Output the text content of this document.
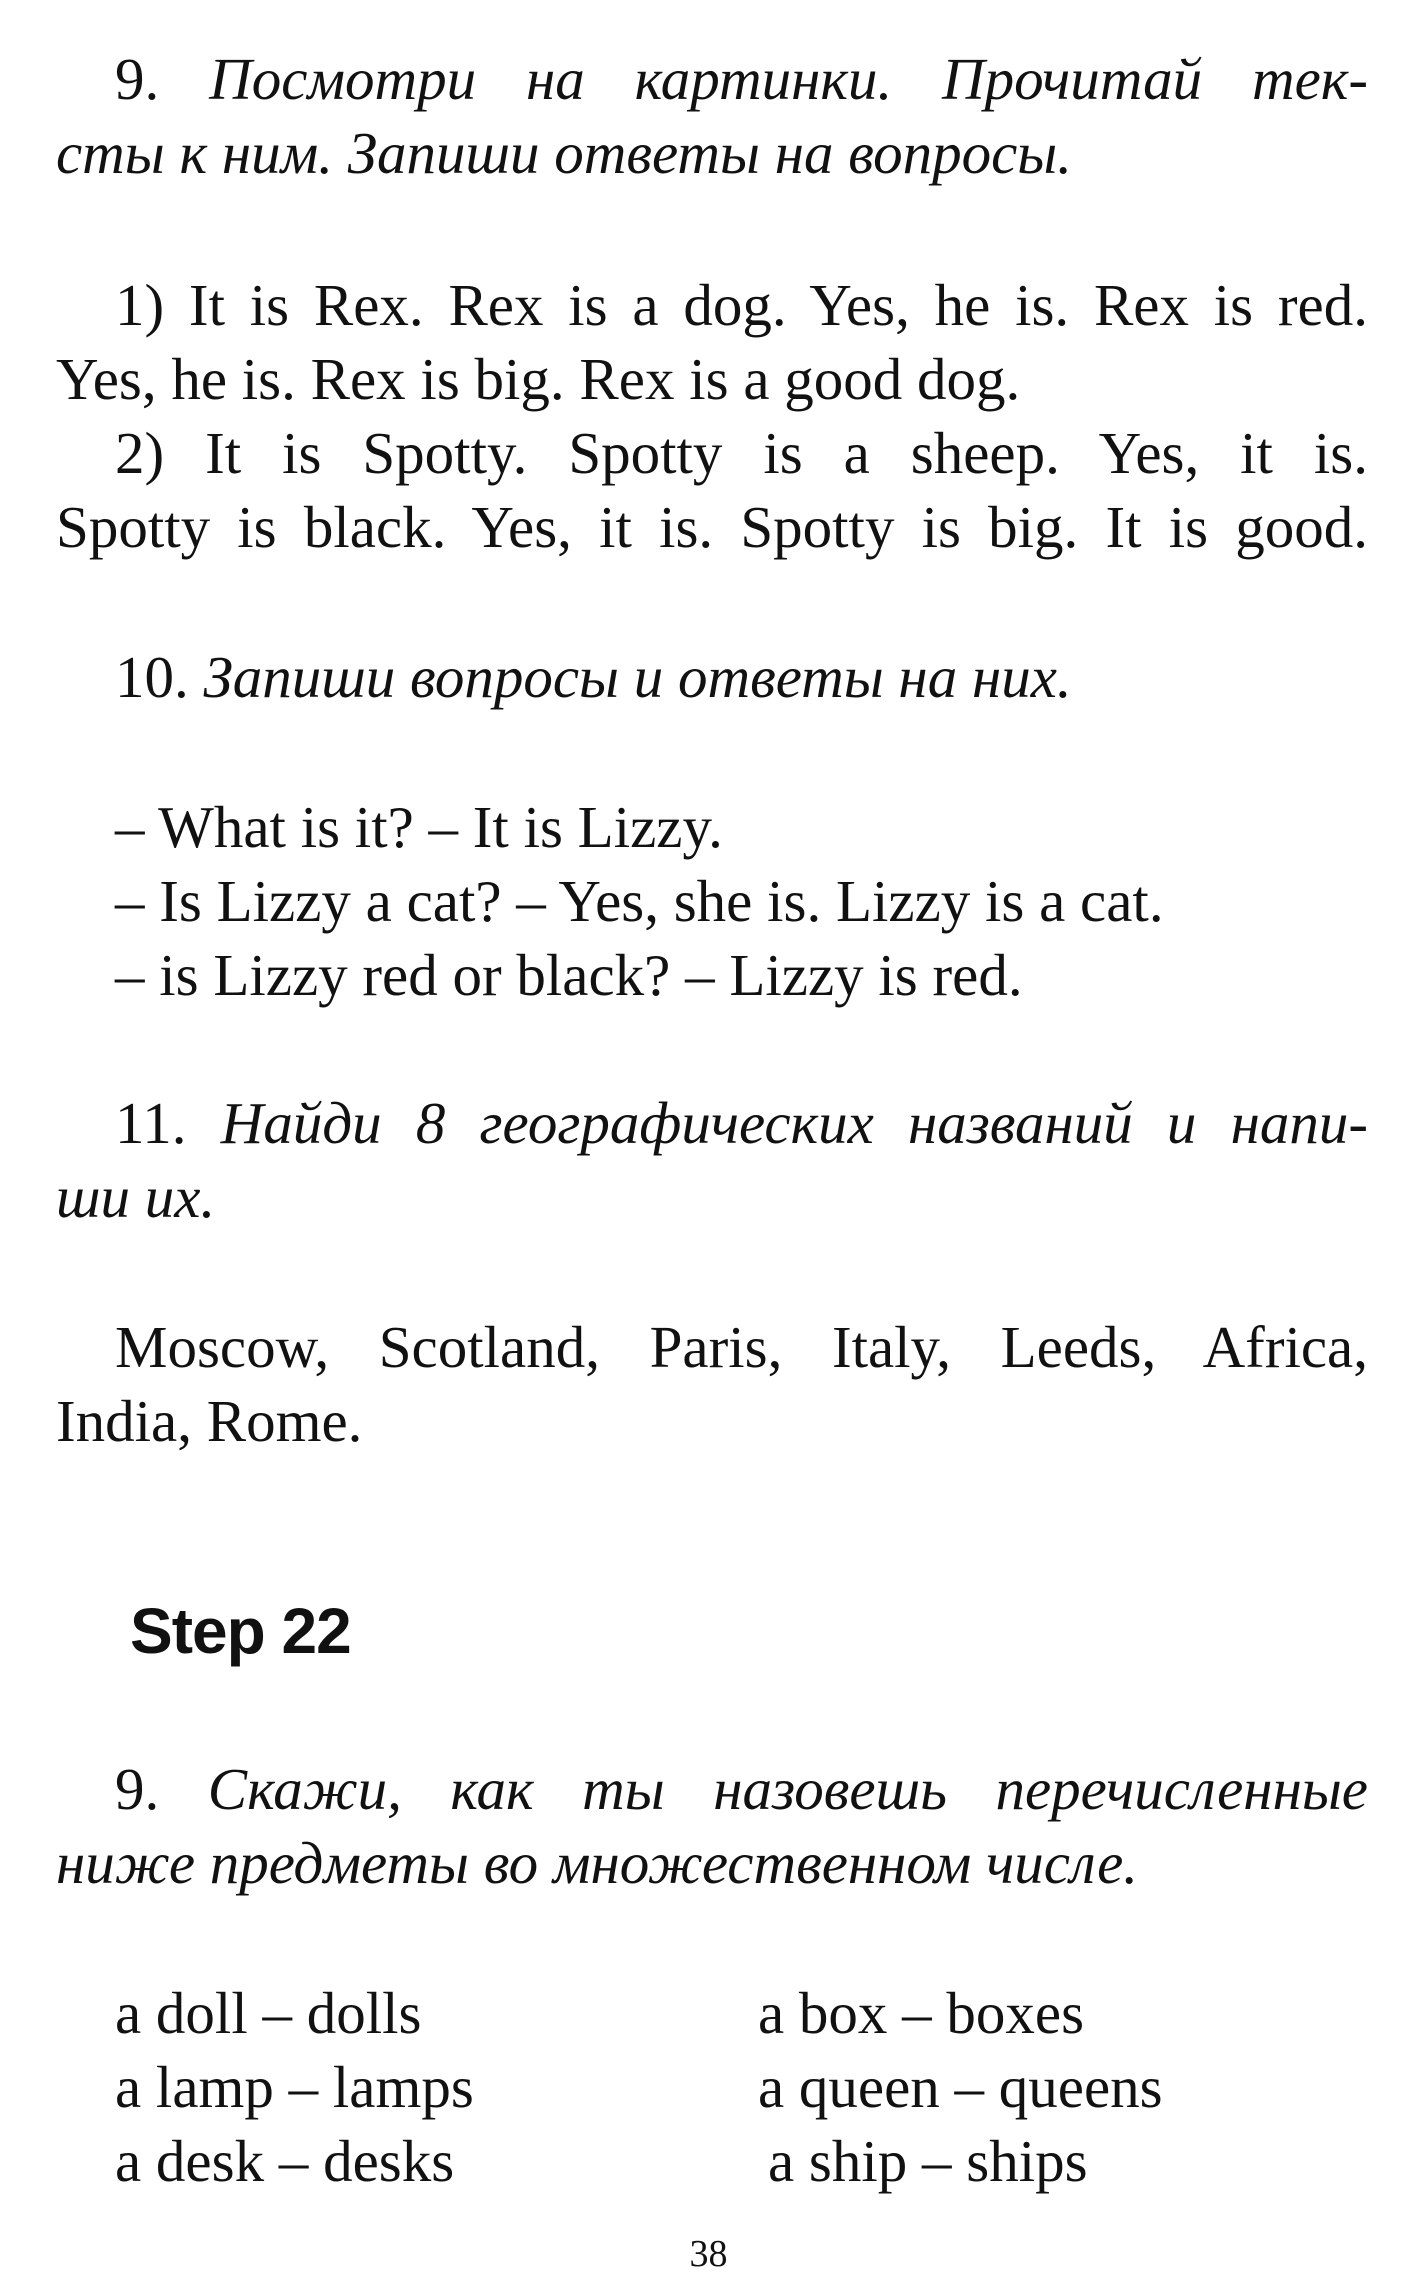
9. Посмотри на картинки. Прочитай тек-
сты к ним. Запиши ответы на вопросы.
1) It is Rex. Rex is a dog. Yes, he is. Rex is red.
Yes, he is. Rex is big. Rex is a good dog.
2) It is Spotty. Spotty is a sheep. Yes, it is.
Spotty is black. Yes, it is. Spotty is big. It is good.
10. Запиши вопросы и ответы на них.
– What is it? – It is Lizzy.
– Is Lizzy a cat? – Yes, she is. Lizzy is a cat.
– is Lizzy red or black? – Lizzy is red.
11. Найди 8 географических названий и напи-
ши их.
Moscow, Scotland, Paris, Italy, Leeds, Africa,
India, Rome.
Step 22
9. Скажи, как ты назовешь перечисленные
ниже предметы во множественном числе.
a doll – dolls
a lamp – lamps
a desk – desks
a box – boxes
a queen – queens
a ship – ships
38
